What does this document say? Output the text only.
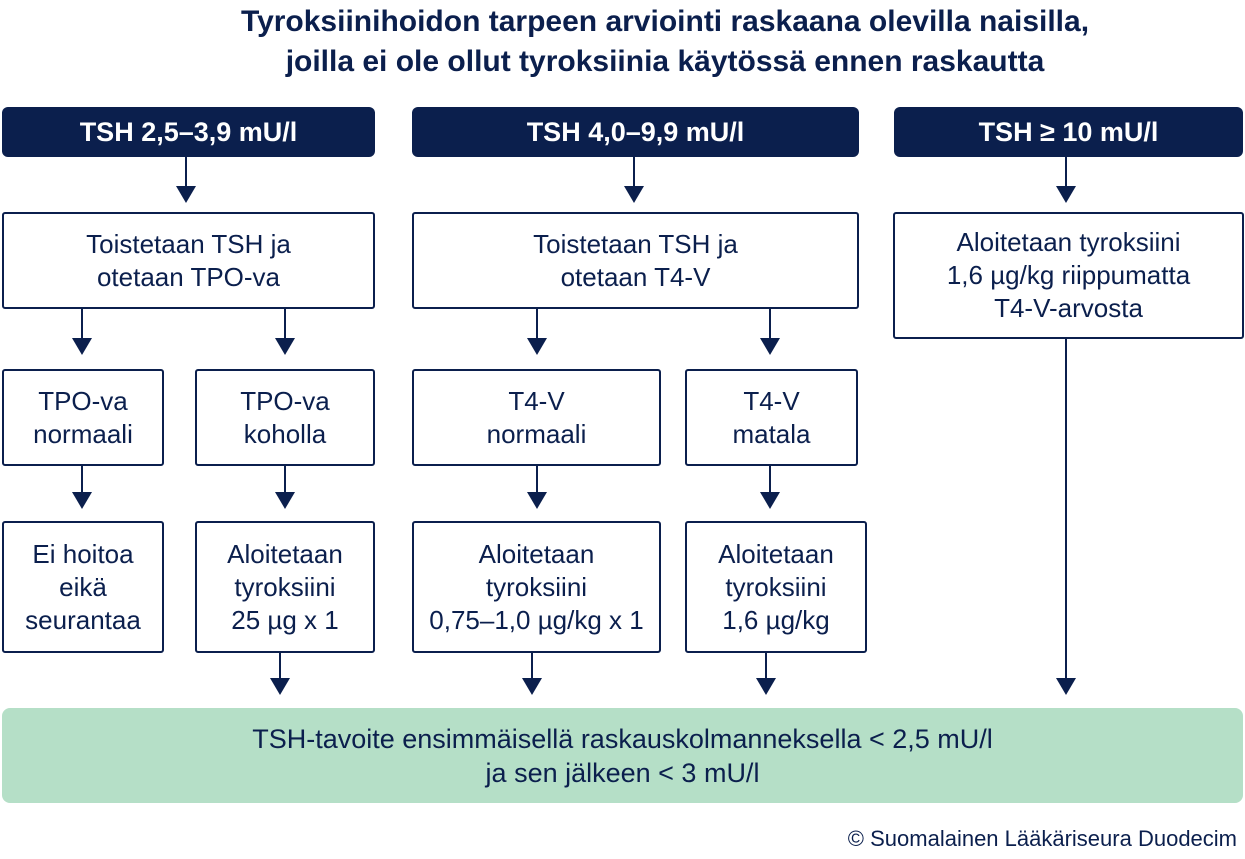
Tyroksiinihoidon tarpeen arviointi raskaana olevilla naisilla,
joilla ei ole ollut tyroksiinia käytössä ennen raskautta
TSH 2,5–3,9 mU/l	TSH 4,0–9,9 mU/l	TSH ≥ 10 mU/l
Toistetaan TSH ja
otetaan TPO-va
Toistetaan TSH ja
otetaan T4-V
Aloitetaan tyroksiini
1,6 µg/kg riippumatta
T4-V-arvosta
TPO-va
normaali
TPO-va
koholla
T4-V
normaali
T4-V
matala
Ei hoitoa
eikä
seurantaa
Aloitetaan
tyroksiini
25 µg x 1
Aloitetaan
tyroksiini
0,75–1,0 µg/kg x 1
Aloitetaan
tyroksiini
1,6 µg/kg
TSH-tavoite ensimmäisellä raskauskolmanneksella < 2,5 mU/l
ja sen jälkeen < 3 mU/l
© Suomalainen Lääkäriseura Duodecim
